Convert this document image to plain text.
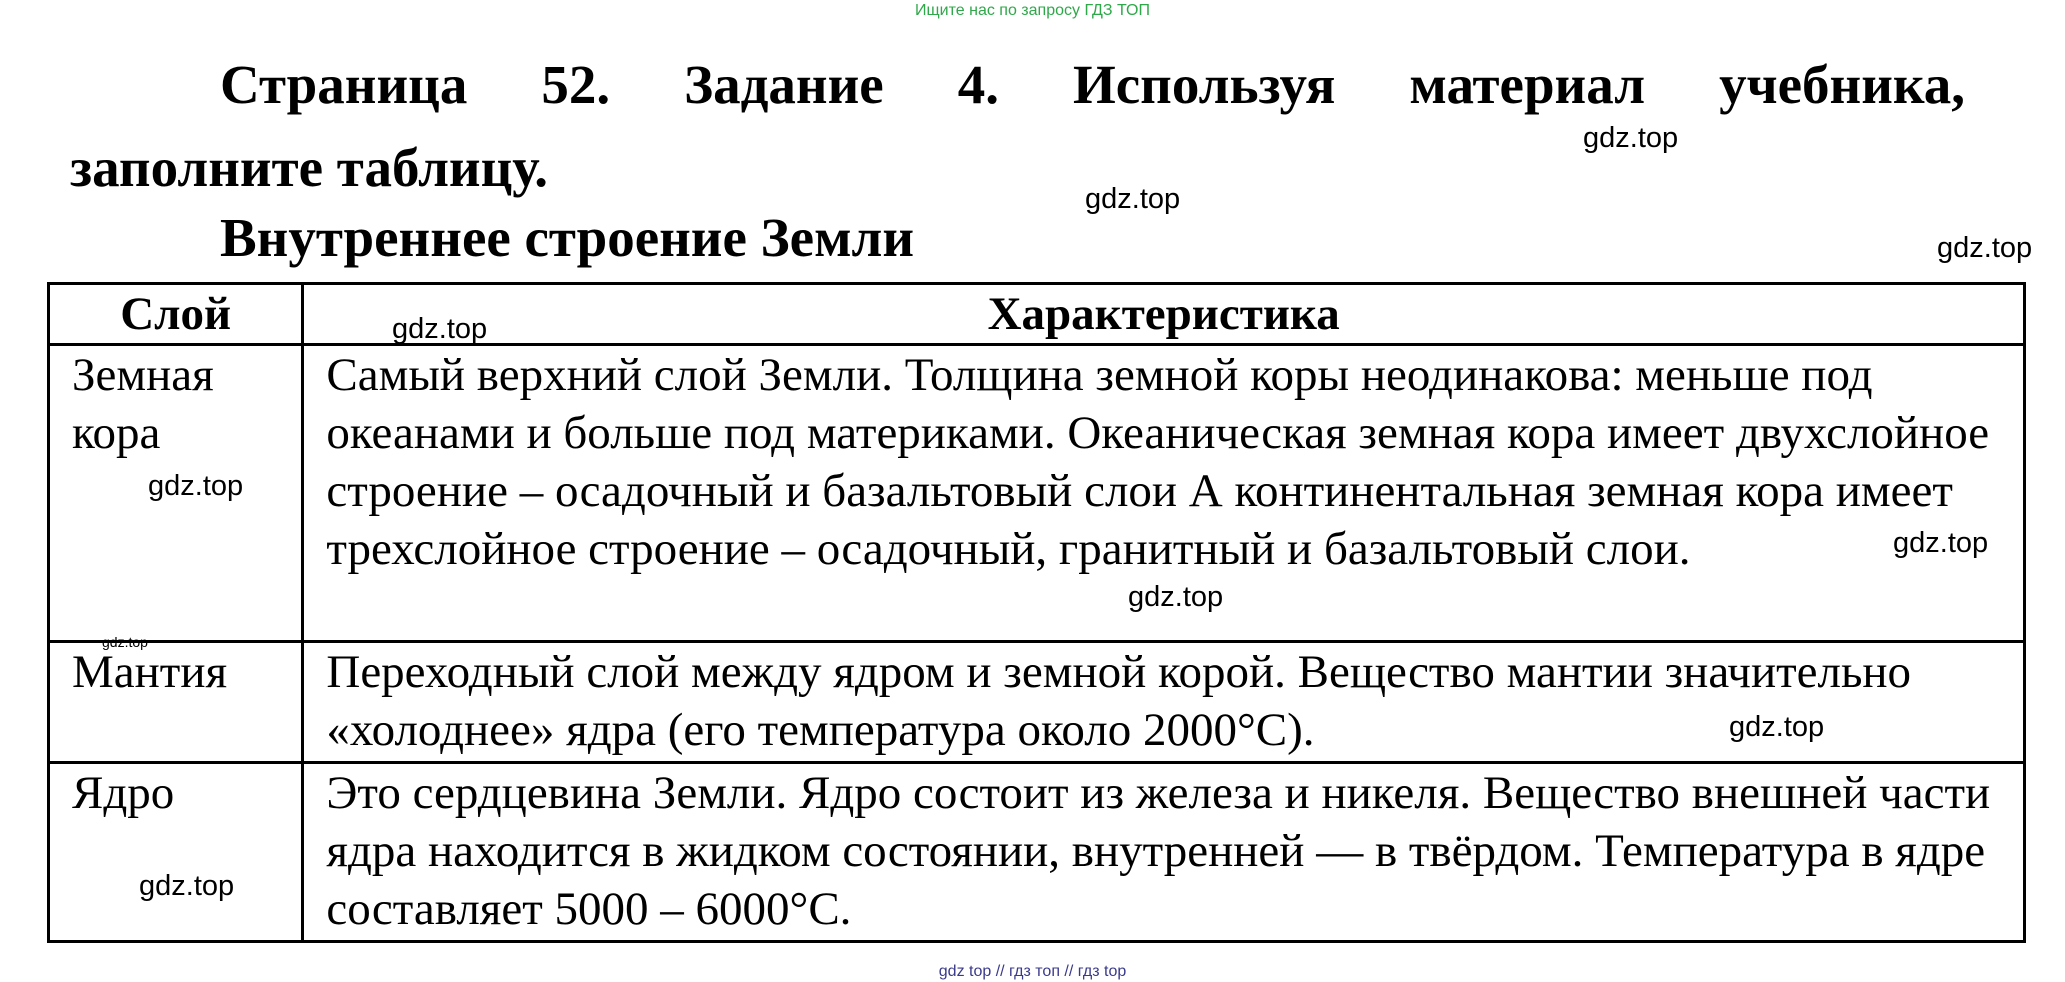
Ищите нас по запросу ГДЗ ТОП
Страница 52. Задание 4. Используя материал учебника,
заполните таблицу.
Внутреннее строение Земли
Слой	Характеристика
Земная кора	Самый верхний слой Земли. Толщина земной коры неодинакова: меньше под океанами и больше под материками. Океаническая земная кора имеет двухслойное строение – осадочный и базальтовый слои А континентальная земная кора имеет трехслойное строение – осадочный, гранитный и базальтовый слои.
Мантия	Переходный слой между ядром и земной корой. Вещество мантии значительно «холоднее» ядра (его температура около 2000°С).
Ядро	Это сердцевина Земли. Ядро состоит из железа и никеля. Вещество внешней части ядра находится в жидком состоянии, внутренней — в твёрдом. Температура в ядре составляет 5000 – 6000°С.
gdz.top
gdz.top
gdz.top
gdz.top
gdz.top
gdz.top
gdz.top
gdz.top
gdz.top
gdz.top
gdz top // гдз топ // гдз top
